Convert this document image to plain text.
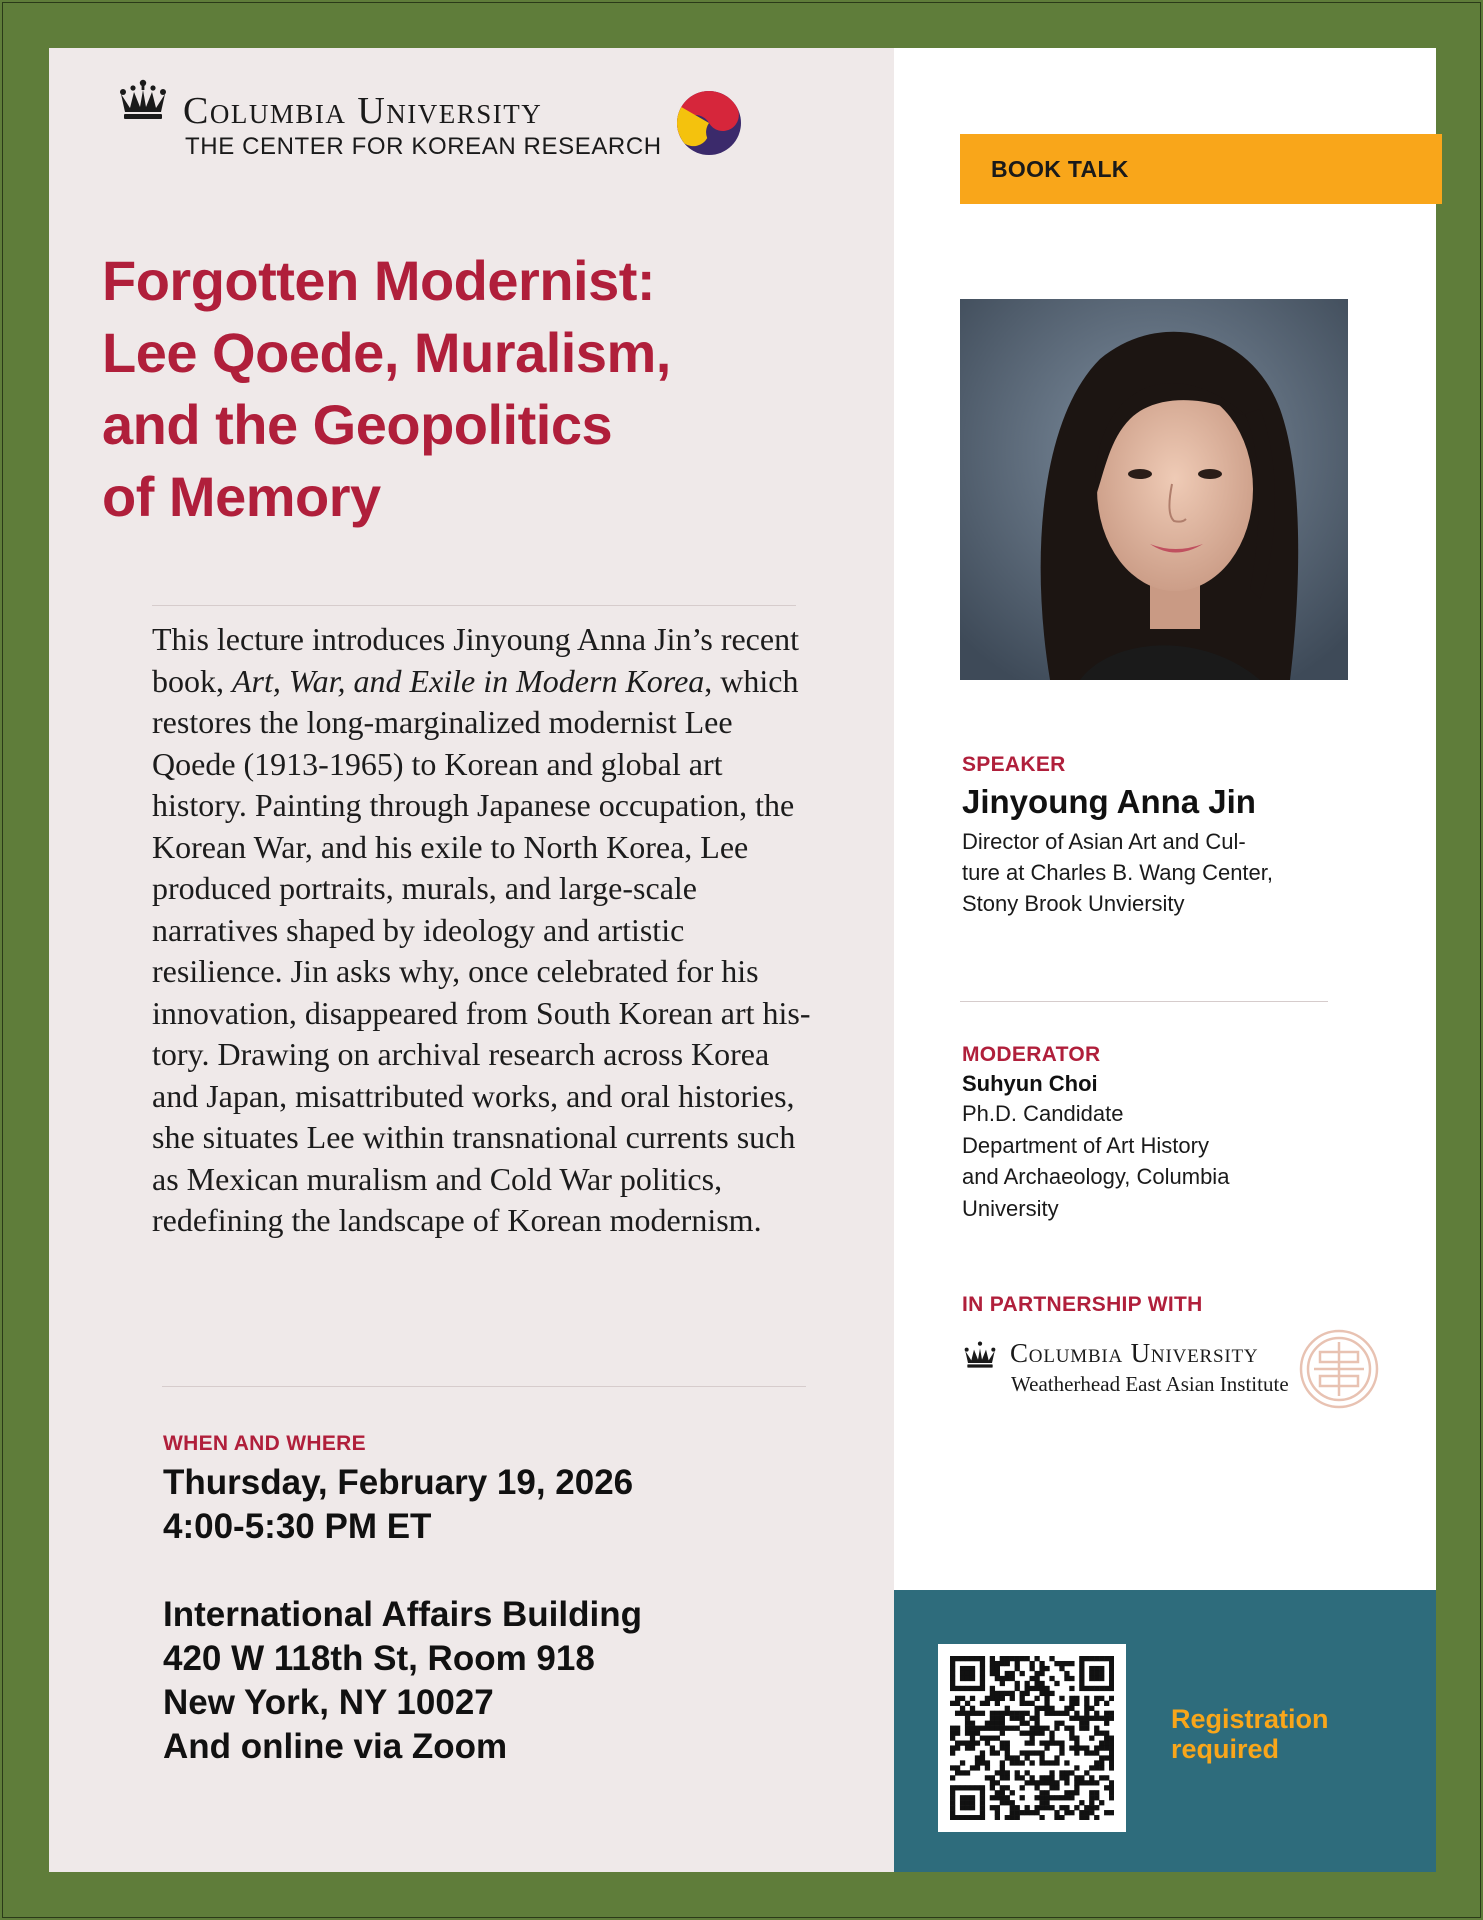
Columbia University
THE CENTER FOR KOREAN RESEARCH
Forgotten Modernist:
Lee Qoede, Muralism,
and the Geopolitics
of Memory
This lecture introduces Jinyoung Anna Jin’s recent book, Art, War, and Exile in Modern Korea, which restores the long-marginalized modernist Lee Qoede (1913-1965) to Korean and global art history. Painting through Japanese occupation, the Korean War, and his exile to North Korea, Lee produced portraits, murals, and large-scale narratives shaped by ideology and artistic resilience. Jin asks why, once celebrated for his innovation, disappeared from South Korean art history. Drawing on archival research across Korea and Japan, misattributed works, and oral histories, she situates Lee within transnational currents such as Mexican muralism and Cold War politics, redefining the landscape of Korean modernism.
WHEN AND WHERE
Thursday, February 19, 2026
4:00-5:30 PM ET
International Affairs Building
420 W 118th St, Room 918
New York, NY 10027
And online via Zoom
BOOK TALK
SPEAKER
Jinyoung Anna Jin
Director of Asian Art and Cul-
ture at Charles B. Wang Center,
Stony Brook Unviersity
MODERATOR
Suhyun Choi
Ph.D. Candidate
Department of Art History
and Archaeology, Columbia
University
IN PARTNERSHIP WITH
Columbia University
Weatherhead East Asian Institute
Registration
required
